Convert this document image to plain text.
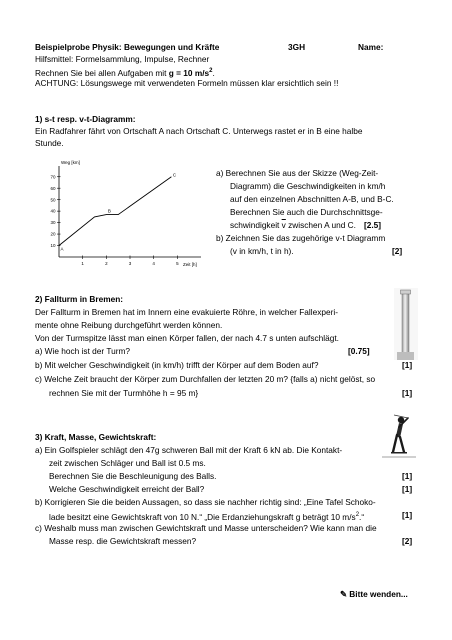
Beispielprobe Physik: Bewegungen und Kräfte	3GH	Name:
Hilfsmittel: Formelsammlung, Impulse, Rechner
Rechnen Sie bei allen Aufgaben mit g = 10 $m/s^2$.
ACHTUNG: Lösungswege mit verwendeten Formeln müssen klar ersichtlich sein !!
1) s-t resp. v-t-Diagramm:
Ein Radfahrer fährt von Ortschaft A nach Ortschaft C. Unterwegs rastet er in B eine halbe
Stunde.
Weg [km]
Zeit [h]
10
20
30
40
50
60
70
1	2	3	4	5
A
B
C	a) Berechnen Sie aus der Skizze (Weg-Zeit-
Diagramm) die Geschwindigkeiten in km/h
auf den einzelnen Abschnitten A-B, und B-C.
Berechnen Sie auch die Durchschnittsge-
schwindigkeit $\overline{v}$ zwischen A und C. [2.5]
b) Zeichnen Sie das zugehörige v-t Diagramm
(v in km/h, t in h).	[2]
2) Fallturm in Bremen:
Der Fallturm in Bremen hat im Innern eine evakuierte Röhre, in welcher Fallexperi-
mente ohne Reibung durchgeführt werden können.
Von der Turmspitze lässt man einen Körper fallen, der nach 4.7 s unten aufschlägt.
a) Wie hoch ist der Turm?	[0.75]
b) Mit welcher Geschwindigkeit (in km/h) trifft der Körper auf dem Boden auf?	[1]
c) Welche Zeit braucht der Körper zum Durchfallen der letzten 20 m? {falls a) nicht gelöst, so
rechnen Sie mit der Turmhöhe h = 95 m}	[1]
3) Kraft, Masse, Gewichtskraft:
a) Ein Golfspieler schlägt den 47g schweren Ball mit der Kraft 6 kN ab. Die Kontakt-
zeit zwischen Schläger und Ball ist 0.5 ms.
Berechnen Sie die Beschleunigung des Balls.	[1]
Welche Geschwindigkeit erreicht der Ball?	[1]
b) Korrigieren Sie die beiden Aussagen, so dass sie nachher richtig sind: „Eine Tafel Schoko-
lade besitzt eine Gewichtskraft von 10 N.“ „Die Erdanziehungskraft g beträgt 10 $m/s^2.“$	[1]
c) Weshalb muss man zwischen Gewichtskraft und Masse unterscheiden? Wie kann man die
Masse resp. die Gewichtskraft messen?	[2]
✎ Bitte wenden...
